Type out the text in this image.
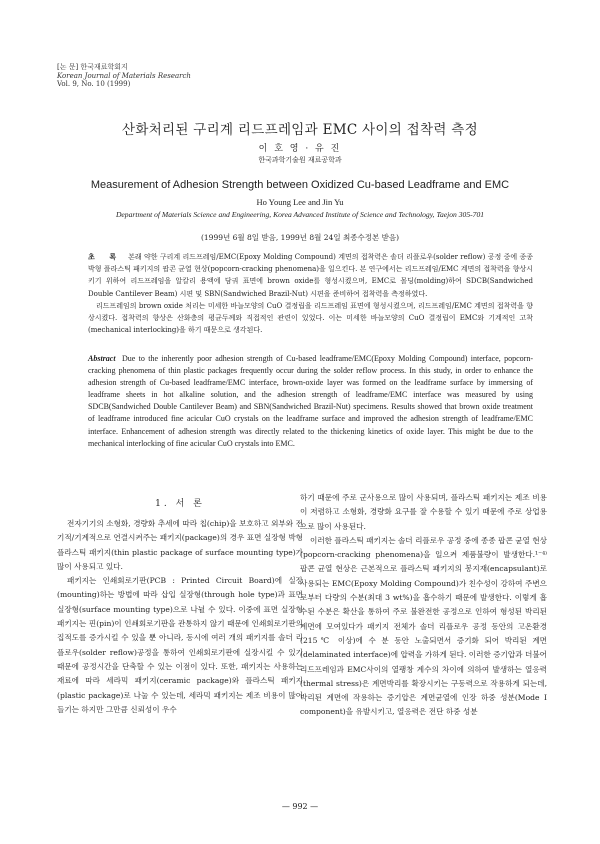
[논 문] 한국재료학회지
Korean Journal of Materials Research
Vol. 9, No. 10 (1999)
산화처리된 구리계 리드프레임과 EMC 사이의 접착력 측정
이 호 영 · 유 진
한국과학기술원 재료공학과
Measurement of Adhesion Strength between Oxidized Cu-based Leadframe and EMC
Ho Young Lee and Jin Yu
Department of Materials Science and Engineering, Korea Advanced Institute of Science and Technology, Taejon 305-701
(1999년 6월 8일 받음, 1999년 8월 24일 최종수정본 받음)

초 록 본래 약한 구리계 리드프레임/EMC(Epoxy Molding Compound) 계면의 접착력은 솔더 리플로우(solder reflow) 공정 중에 종종 박형 플라스틱 패키지의 팝콘 균열 현상(popcorn-cracking phenomena)을 일으킨다. 본 연구에서는 리드프레임/EMC 계면의 접착력을 향상시키기 위하여 리드프레임을 알칼리 용액에 담궈 표면에 brown oxide를 형성시켰으며, EMC로 몰딩(molding)하여 SDCB(Sandwiched Double Cantilever Beam) 시편 및 SBN(Sandwiched Brazil-Nut) 시편을 준비하여 접착력을 측정하였다.

리드프레임의 brown oxide 처리는 미세한 바늘모양의 CuO 결정립을 리드프레임 표면에 형성시켰으며, 리드프레임/EMC 계면의 접착력을 향상시켰다. 접착력의 향상은 산화층의 평균두께와 직접적인 관련이 있었다. 이는 미세한 바늘모양의 CuO 결정립이 EMC와 기계적인 고착(mechanical interlocking)을 하기 때문으로 생각된다.

Abstract Due to the inherently poor adhesion strength of Cu-based leadframe/EMC(Epoxy Molding Compound) interface, popcorn-cracking phenomena of thin plastic packages frequently occur during the solder reflow process. In this study, in order to enhance the adhesion strength of Cu-based leadframe/EMC interface, brown-oxide layer was formed on the leadframe surface by immersing of leadframe sheets in hot alkaline solution, and the adhesion strength of leadframe/EMC interface was measured by using SDCB(Sandwiched Double Cantilever Beam) and SBN(Sandwiched Brazil-Nut) specimens. Results showed that brown oxide treatment of leadframe introduced fine acicular CuO crystals on the leadframe surface and improved the adhesion strength of leadframe/EMC interface. Enhancement of adhesion strength was directly related to the thickening kinetics of oxide layer. This might be due to the mechanical interlocking of fine acicular CuO crystals into EMC.
1. 서 론

전자기기의 소형화, 경량화 추세에 따라 칩(chip)을 보호하고 외부와 전기적/기계적으로 연결시켜주는 패키지(package)의 경우 표면 실장형 박형 플라스틱 패키지(thin plastic package of surface mounting type)가 많이 사용되고 있다.

패키지는 인쇄회로기판(PCB : Printed Circuit Board)에 실장(mounting)하는 방법에 따라 삽입 실장형(through hole type)과 표면 실장형(surface mounting type)으로 나뉠 수 있다. 이중에 표면 실장형 패키지는 핀(pin)이 인쇄회로기판을 관통하지 않기 때문에 인쇄회로기판의 집적도를 증가시킬 수 있을 뿐 아니라, 동시에 여러 개의 패키지를 솔더 리플로우(solder reflow)공정을 통하여 인쇄회로기판에 실장시킬 수 있기 때문에 공정시간을 단축할 수 있는 이점이 있다. 또한, 패키지는 사용하는 재료에 따라 세라믹 패키지(ceramic package)와 플라스틱 패키지(plastic package)로 나눌 수 있는데, 세라믹 패키지는 제조 비용이 많이 들기는 하지만 그만큼 신뢰성이 우수

하기 때문에 주로 군사용으로 많이 사용되며, 플라스틱 패키지는 제조 비용이 저렴하고 소형화, 경량화 요구를 잘 수용할 수 있기 때문에 주로 상업용으로 많이 사용된다.

이러한 플라스틱 패키지는 솔더 리플로우 공정 중에 종종 팝콘 균열 현상(popcorn-cracking phenomena)을 일으켜 제품불량이 발생한다.¹⁻⁴⁾ 팝콘 균열 현상은 근본적으로 플라스틱 패키지의 봉지재(encapsulant)로 사용되는 EMC(Epoxy Molding Compound)가 친수성이 강하여 주변으로부터 다량의 수분(최대 3 wt%)을 흡수하기 때문에 발생한다. 이렇게 흡수된 수분은 확산을 통하여 주로 불완전한 공정으로 인하여 형성된 박리된 계면에 모여있다가 패키지 전체가 솔더 리플로우 공정 동안의 고온환경(215℃ 이상)에 수 분 동안 노출되면서 증기화 되어 박리된 계면(delaminated interface)에 압력을 가하게 된다. 이러한 증기압과 더불어 리드프레임과 EMC사이의 열팽창 계수의 차이에 의하여 발생하는 열응력(thermal stress)은 계면박리를 확장시키는 구동력으로 작용하게 되는데, 박리된 계면에 작용하는 증기압은 계면균열에 인장 하중 성분(Mode I component)을 유발시키고, 열응력은 전단 하중 성분

— 992 —
